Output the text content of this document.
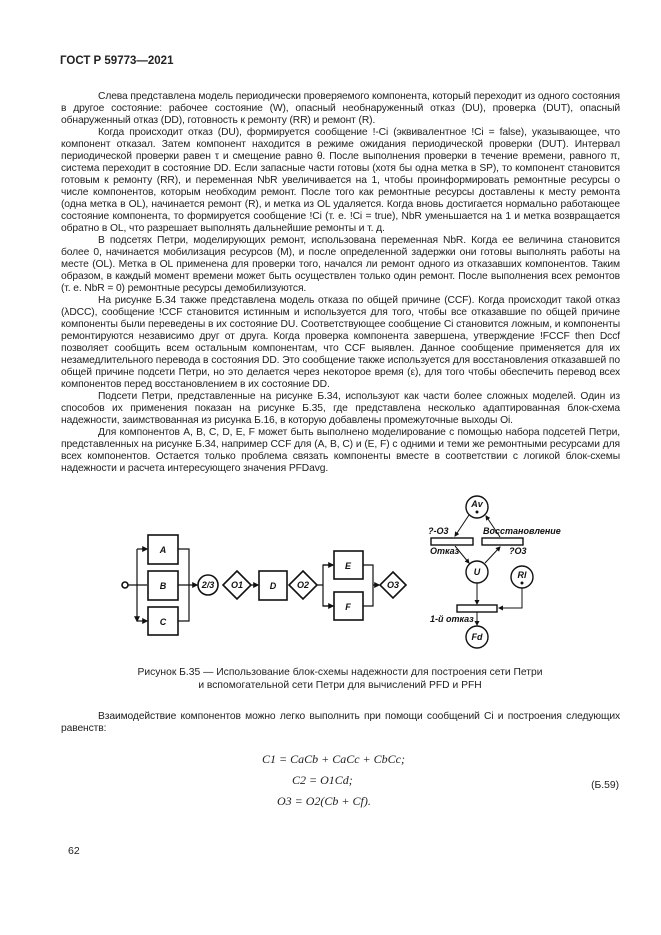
ГОСТ Р 59773—2021

Слева представлена модель периодически проверяемого компонента, который переходит из одного состояния в другое состояние: рабочее состояние (W), опасный необнаруженный отказ (DU), проверка (DUT), опасный обнаруженный отказ (DD), готовность к ремонту (RR) и ремонт (R).

Когда происходит отказ (DU), формируется сообщение !-Ci (эквивалентное !Ci = false), указывающее, что компонент отказал. Затем компонент находится в режиме ожидания периодической проверки (DUT). Интервал периодической проверки равен τ и смещение равно θ. После выполнения проверки в течение времени, равного π, система переходит в состояние DD. Если запасные части готовы (хотя бы одна метка в SP), то компонент становится готовым к ремонту (RR), и переменная NbR увеличивается на 1, чтобы проинформировать ремонтные ресурсы о числе компонентов, которым необходим ремонт. После того как ремонтные ресурсы доставлены к месту ремонта (одна метка в OL), начинается ремонт (R), и метка из OL удаляется. Когда вновь достигается нормально работающее состояние компонента, то формируется сообщение !Ci (т. е. !Ci = true), NbR уменьшается на 1 и метка возвращается обратно в OL, что разрешает выполнять дальнейшие ремонты и т. д.

В подсетях Петри, моделирующих ремонт, использована переменная NbR. Когда ее величина становится более 0, начинается мобилизация ресурсов (M), и после определенной задержки они готовы выполнять работы на месте (OL). Метка в OL применена для проверки того, начался ли ремонт одного из отказавших компонентов. Таким образом, в каждый момент времени может быть осуществлен только один ремонт. После выполнения всех ремонтов (т. е. NbR = 0) ремонтные ресурсы демобилизуются.

На рисунке Б.34 также представлена модель отказа по общей причине (CCF). Когда происходит такой отказ (λDCC), сообщение !CCF становится истинным и используется для того, чтобы все отказавшие по общей причине компоненты были переведены в их состояние DU. Соответствующее сообщение Ci становится ложным, и компоненты ремонтируются независимо друг от друга. Когда проверка компонента завершена, утверждение !FCCF then Dccf позволяет сообщить всем остальным компонентам, что CCF выявлен. Данное сообщение применяется для их незамедлительного перевода в состояния DD. Это сообщение также используется для восстановления отказавшей по общей причине подсети Петри, но это делается через некоторое время (ε), для того чтобы обеспечить перевод всех компонентов перед восстановлением в их состояние DD.

Подсети Петри, представленные на рисунке Б.34, используют как части более сложных моделей. Один из способов их применения показан на рисунке Б.35, где представлена несколько адаптированная блок-схема надежности, заимствованная из рисунка Б.16, в которую добавлены промежуточные выходы Oi.

Для компонентов A, B, C, D, E, F может быть выполнено моделирование с помощью набора подсетей Петри, представленных на рисунке Б.34, например CCF для (A, B, C) и (E, F) с одними и теми же ремонтными ресурсами для всех компонентов. Остается только проблема связать компоненты вместе в соответствии с логикой блок-схемы надежности и расчета интересующего значения PFDavg.

A
B
C
2/3 O1	D O2
E
F
O3
Av
U	Rl
Fd
?-O3	Восстановление
Отказ	?O3
1-й отказ
Рисунок Б.35 — Использование блок-схемы надежности для построения сети Петри
и вспомогательной сети Петри для вычислений PFD и PFH

Взаимодействие компонентов можно легко выполнить при помощи сообщений Ci и построения следующих равенств:

C1 = CaCb + CaCc + CbCc;
C2 = O1Cd;
O3 = O2(Cb + Cf).
(Б.59)
62
